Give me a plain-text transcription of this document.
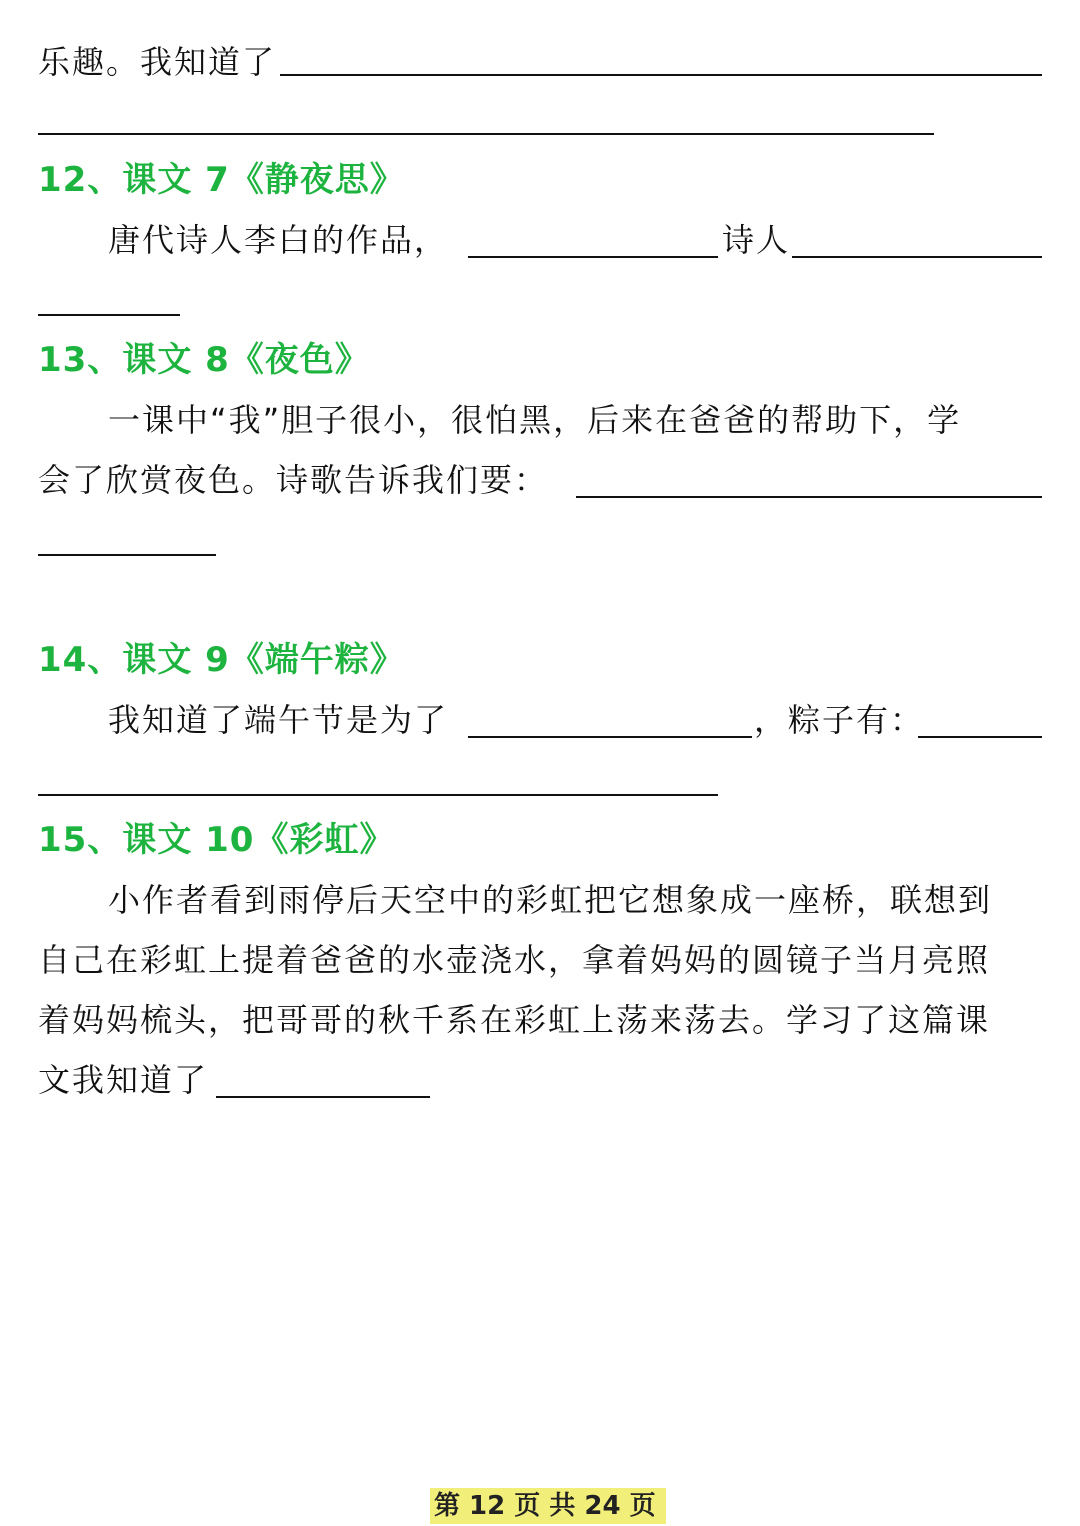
乐趣。我知道了
12、课文 7《静夜思》
唐代诗人李白的作品，	诗人
13、课文 8《夜色》
一课中“我”胆子很小，很怕黑，后来在爸爸的帮助下，学
会了欣赏夜色。诗歌告诉我们要：
14、课文 9《端午粽》
我知道了端午节是为了	，粽子有：
15、课文 10《彩虹》
小作者看到雨停后天空中的彩虹把它想象成一座桥，联想到
自己在彩虹上提着爸爸的水壶浇水，拿着妈妈的圆镜子当月亮照
着妈妈梳头，把哥哥的秋千系在彩虹上荡来荡去。学习了这篇课
文我知道了
第 12 页 共 24 页
